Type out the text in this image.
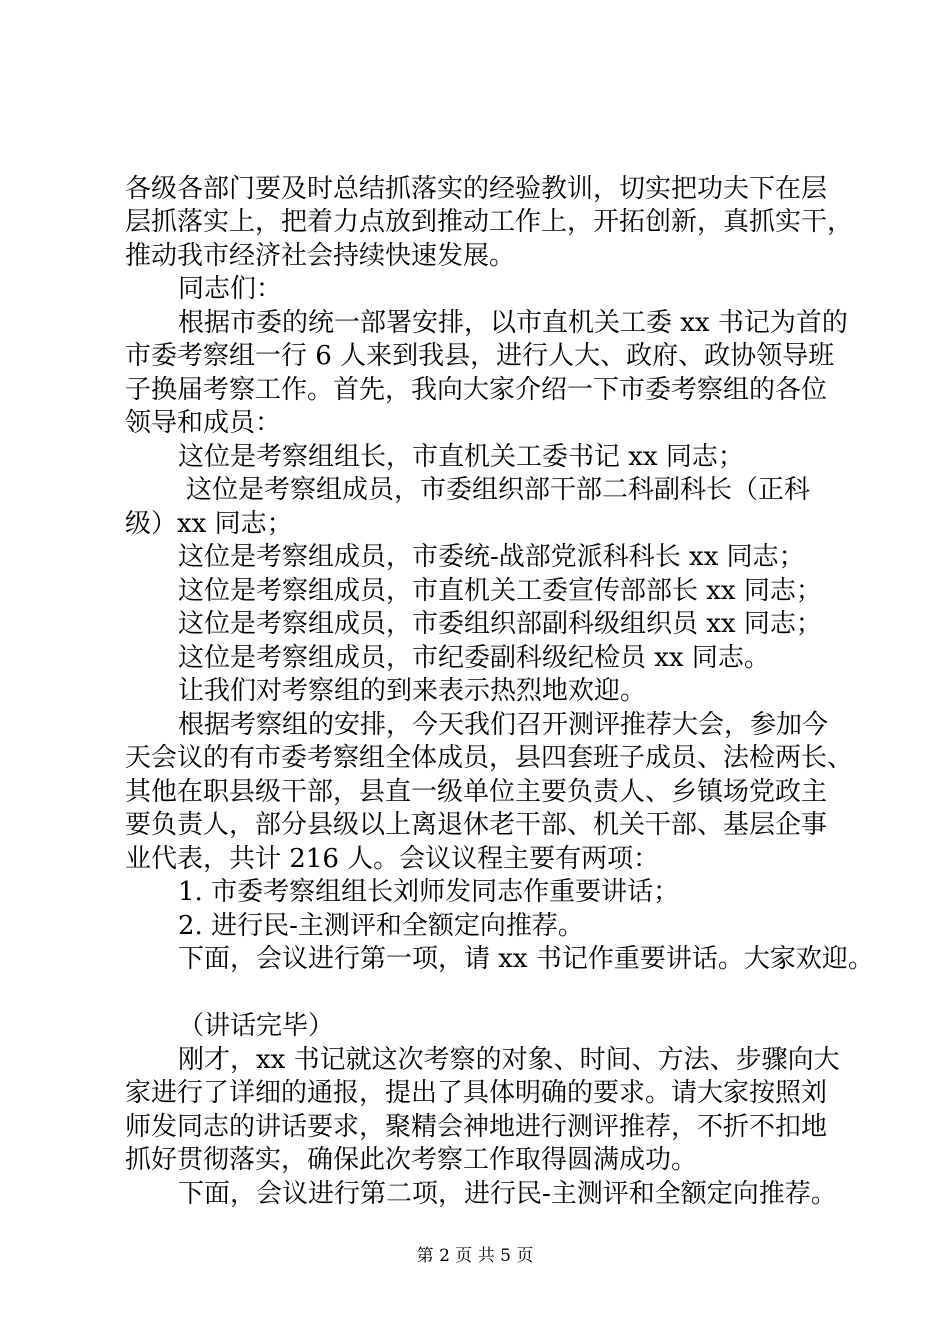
各级各部门要及时总结抓落实的经验教训，切实把功夫下在层
层抓落实上，把着力点放到推动工作上，开拓创新，真抓实干，
推动我市经济社会持续快速发展。
同志们：
根据市委的统一部署安排，以市直机关工委 xx 书记为首的
市委考察组一行 6 人来到我县，进行人大、政府、政协领导班
子换届考察工作。首先，我向大家介绍一下市委考察组的各位
领导和成员：
这位是考察组组长，市直机关工委书记 xx 同志；
这位是考察组成员，市委组织部干部二科副科长（正科
级）xx 同志；
这位是考察组成员，市委统-战部党派科科长 xx 同志；
这位是考察组成员，市直机关工委宣传部部长 xx 同志；
这位是考察组成员，市委组织部副科级组织员 xx 同志；
这位是考察组成员，市纪委副科级纪检员 xx 同志。
让我们对考察组的到来表示热烈地欢迎。
根据考察组的安排，今天我们召开测评推荐大会，参加今
天会议的有市委考察组全体成员，县四套班子成员、法检两长、
其他在职县级干部，县直一级单位主要负责人、乡镇场党政主
要负责人，部分县级以上离退休老干部、机关干部、基层企事
业代表，共计 216 人。会议议程主要有两项：
1. 市委考察组组长刘师发同志作重要讲话；
2. 进行民-主测评和全额定向推荐。
下面，会议进行第一项，请 xx 书记作重要讲话。大家欢迎。
（讲话完毕）
刚才，xx 书记就这次考察的对象、时间、方法、步骤向大
家进行了详细的通报，提出了具体明确的要求。请大家按照刘
师发同志的讲话要求，聚精会神地进行测评推荐，不折不扣地
抓好贯彻落实，确保此次考察工作取得圆满成功。
下面，会议进行第二项，进行民-主测评和全额定向推荐。
第 2 页 共 5 页
